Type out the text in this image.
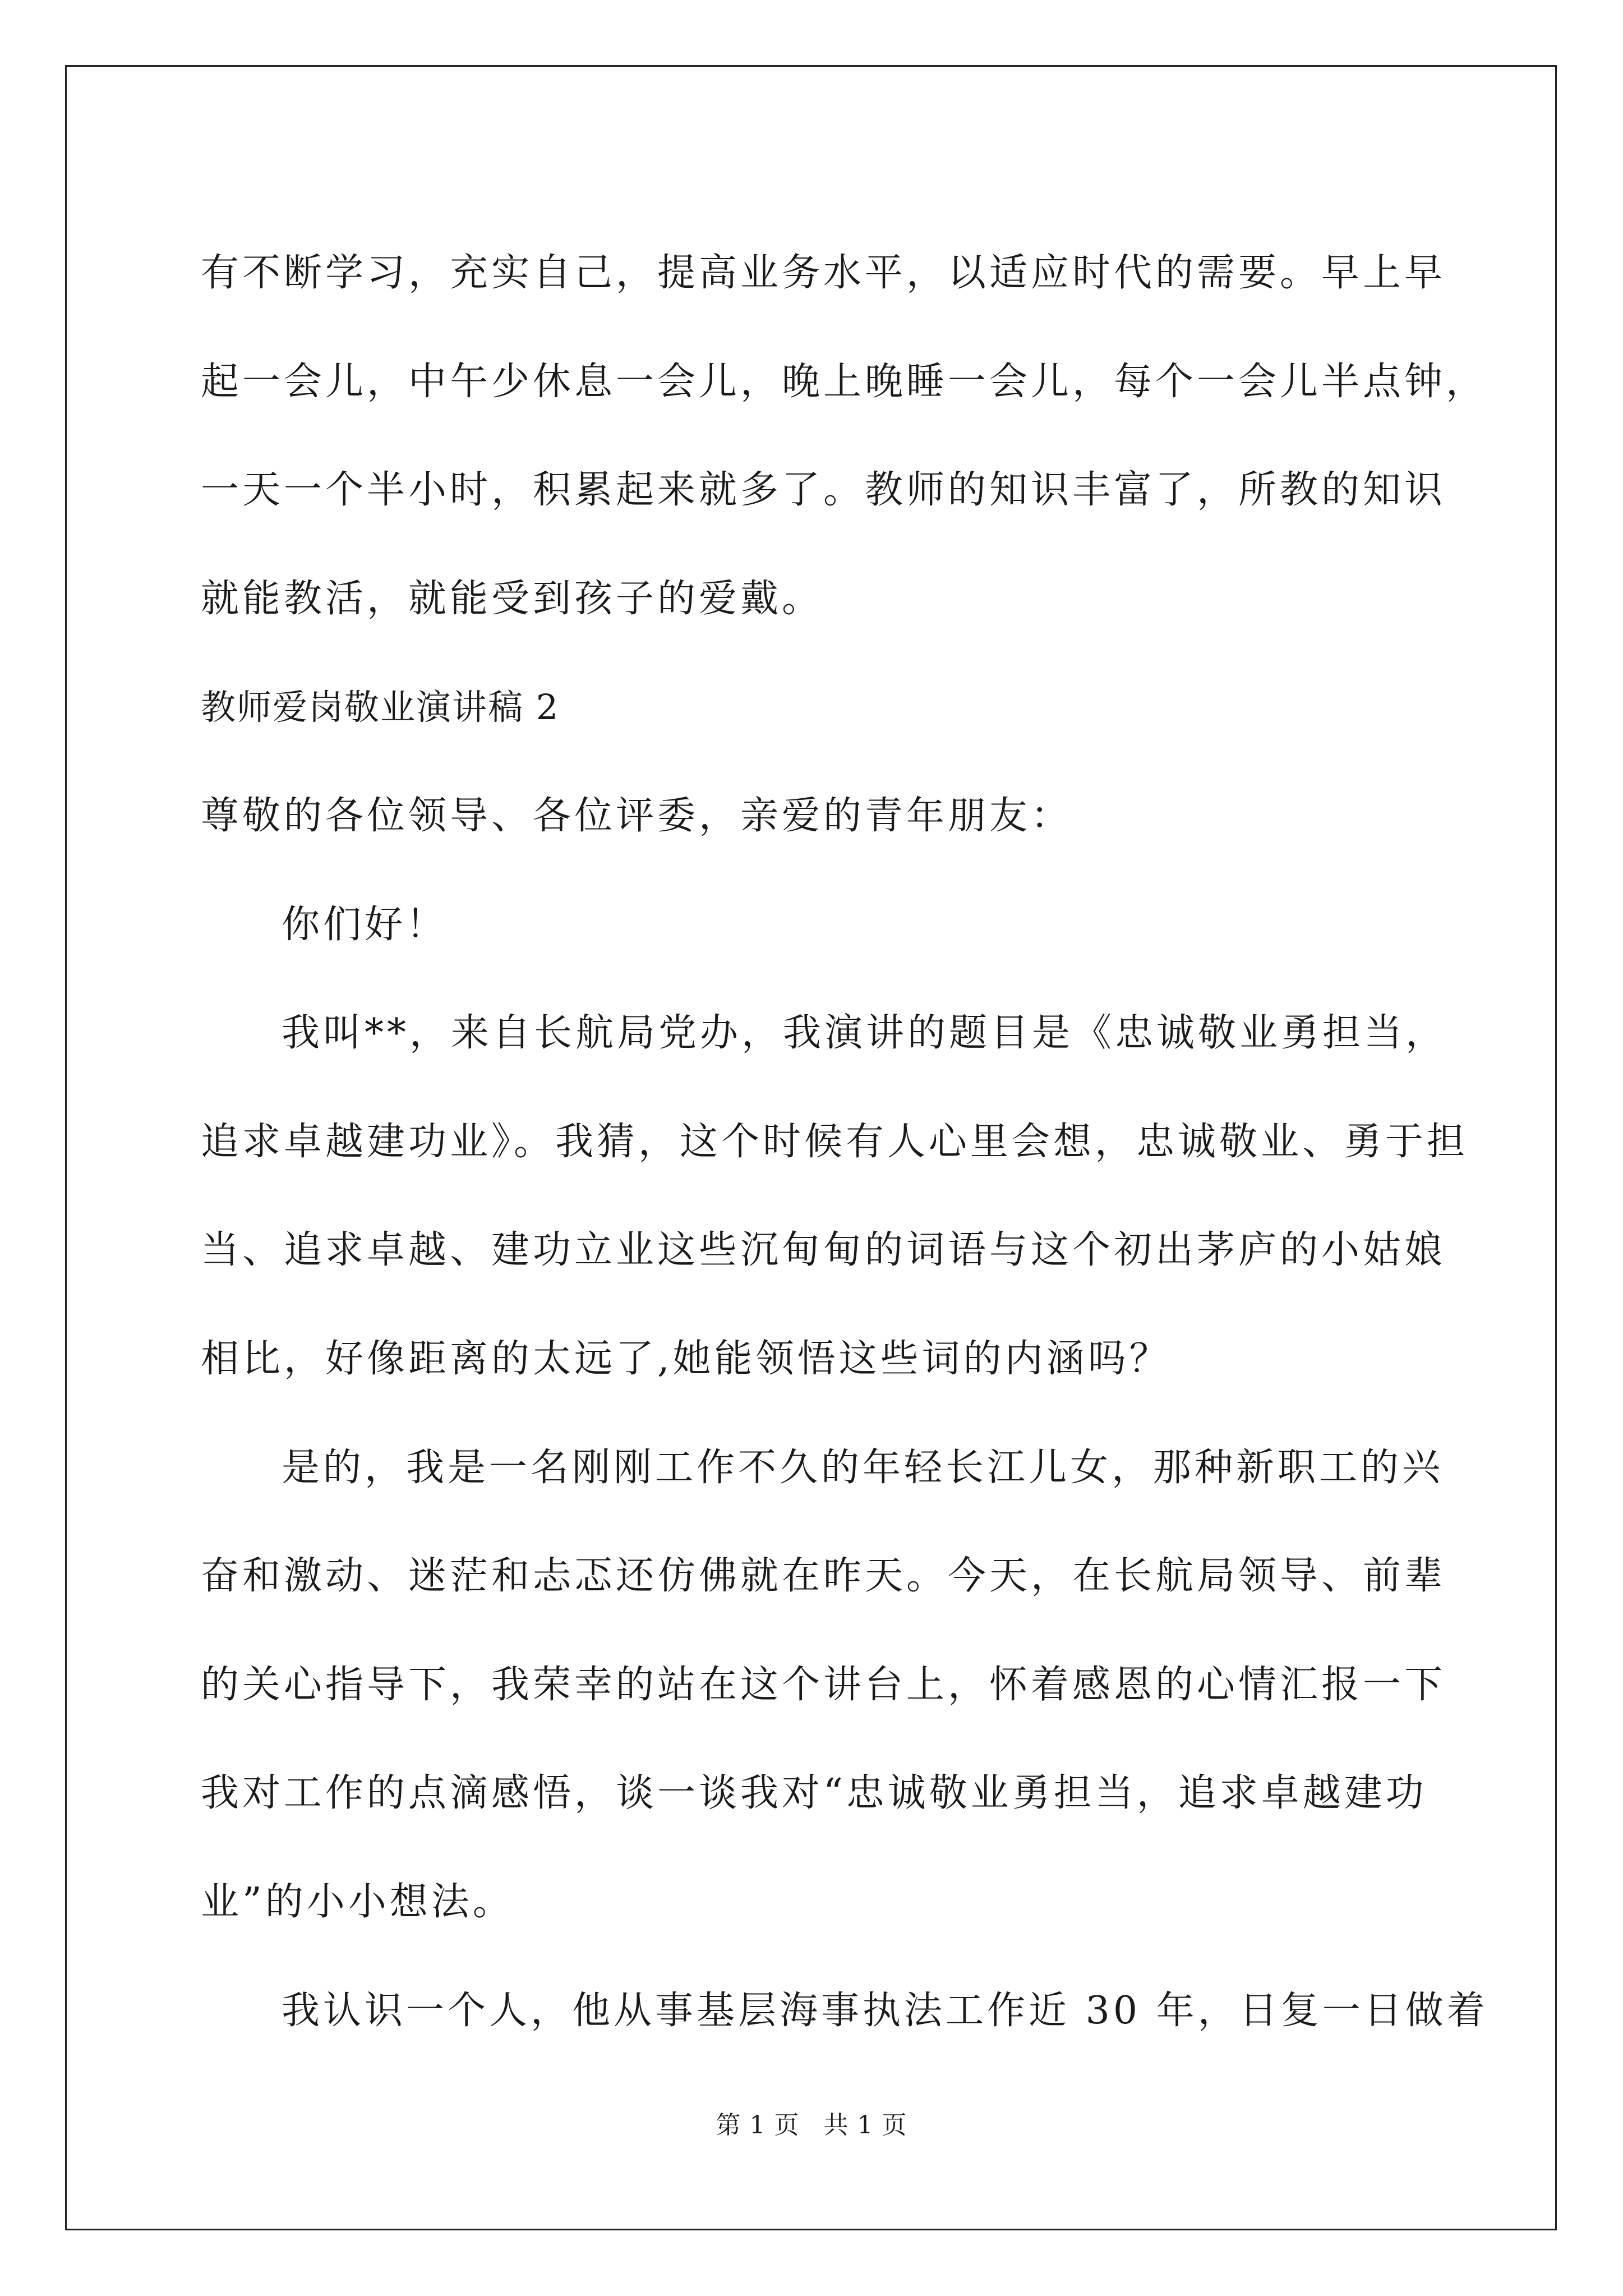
有不断学习，充实自己，提高业务水平，以适应时代的需要。早上早

起一会儿，中午少休息一会儿，晚上晚睡一会儿，每个一会儿半点钟，

一天一个半小时，积累起来就多了。教师的知识丰富了，所教的知识

就能教活，就能受到孩子的爱戴。

教师爱岗敬业演讲稿 2

尊敬的各位领导、各位评委，亲爱的青年朋友：

你们好！

我叫**，来自长航局党办，我演讲的题目是《忠诚敬业勇担当，

追求卓越建功业》。我猜，这个时候有人心里会想，忠诚敬业、勇于担

当、追求卓越、建功立业这些沉甸甸的词语与这个初出茅庐的小姑娘

相比，好像距离的太远了,她能领悟这些词的内涵吗？

是的，我是一名刚刚工作不久的年轻长江儿女，那种新职工的兴

奋和激动、迷茫和忐忑还仿佛就在昨天。今天，在长航局领导、前辈

的关心指导下，我荣幸的站在这个讲台上，怀着感恩的心情汇报一下

我对工作的点滴感悟，谈一谈我对“忠诚敬业勇担当，追求卓越建功

业”的小小想法。

我认识一个人，他从事基层海事执法工作近 30 年，日复一日做着

第 1 页 共 1 页
